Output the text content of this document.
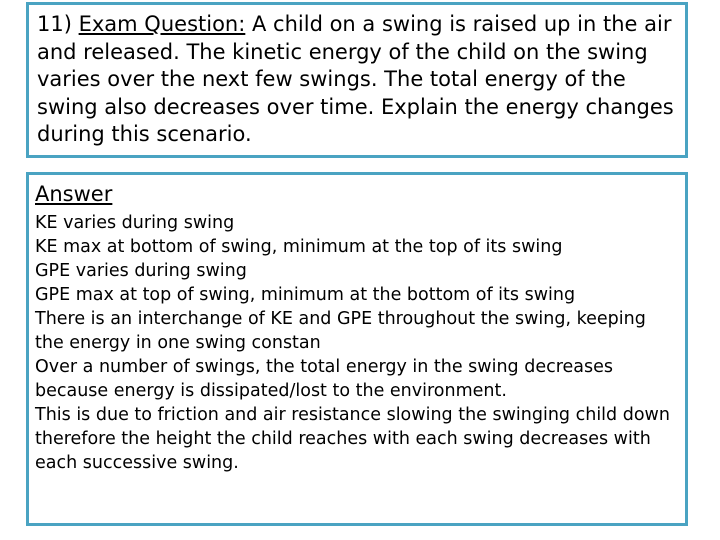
11) Exam Question: A child on a swing is raised up in the air and released. The kinetic energy of the child on the swing varies over the next few swings. The total energy of the swing also decreases over time. Explain the energy changes during this scenario.

Answer
KE varies during swing
KE max at bottom of swing, minimum at the top of its swing
GPE varies during swing
GPE max at top of swing, minimum at the bottom of its swing
There is an interchange of KE and GPE throughout the swing, keeping the energy in one swing constan
Over a number of swings, the total energy in the swing decreases because energy is dissipated/lost to the environment.
This is due to friction and air resistance slowing the swinging child down therefore the height the child reaches with each swing decreases with each successive swing.
